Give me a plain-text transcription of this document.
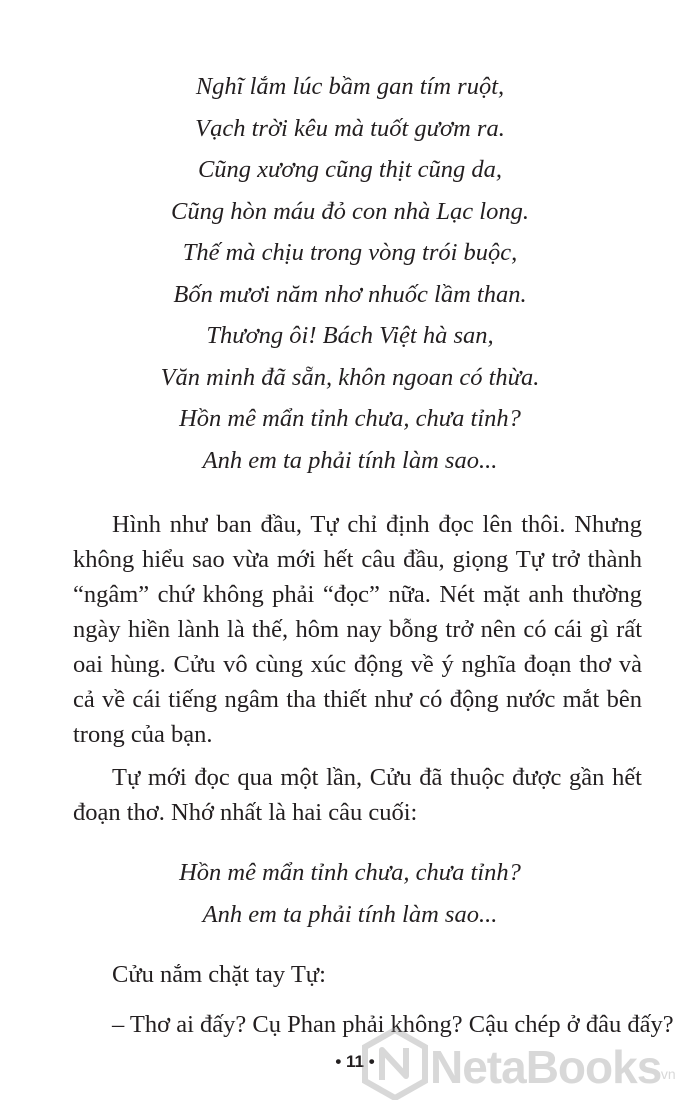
Nghĩ lắm lúc bầm gan tím ruột,
Vạch trời kêu mà tuốt gươm ra.
Cũng xương cũng thịt cũng da,
Cũng hòn máu đỏ con nhà Lạc long.
Thế mà chịu trong vòng trói buộc,
Bốn mươi năm nhơ nhuốc lầm than.
Thương ôi! Bách Việt hà san,
Văn minh đã sẵn, khôn ngoan có thừa.
Hồn mê mẩn tỉnh chưa, chưa tỉnh?
Anh em ta phải tính làm sao...

Hình như ban đầu, Tự chỉ định đọc lên thôi. Nhưng không hiểu sao vừa mới hết câu đầu, giọng Tự trở thành “ngâm” chứ không phải “đọc” nữa. Nét mặt anh thường ngày hiền lành là thế, hôm nay bỗng trở nên có cái gì rất oai hùng. Cửu vô cùng xúc động về ý nghĩa đoạn thơ và cả về cái tiếng ngâm tha thiết như có động nước mắt bên trong của bạn.

Tự mới đọc qua một lần, Cửu đã thuộc được gần hết đoạn thơ. Nhớ nhất là hai câu cuối:

Hồn mê mẩn tỉnh chưa, chưa tỉnh?
Anh em ta phải tính làm sao...

Cửu nắm chặt tay Tự:

– Thơ ai đấy? Cụ Phan phải không? Cậu chép ở đâu đấy?

• 11 •	NetaBooks
.vn
